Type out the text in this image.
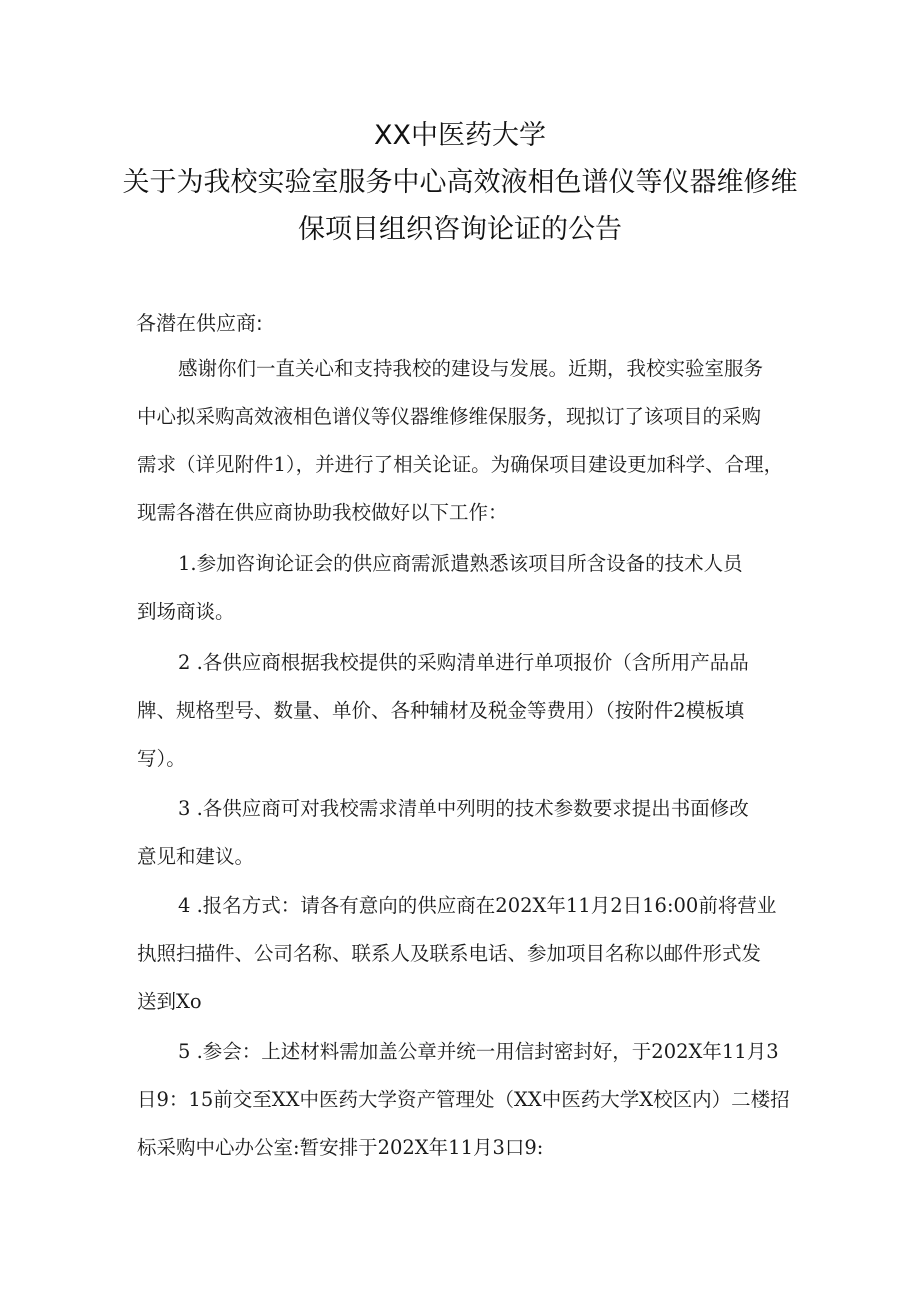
XX中医药大学
关于为我校实验室服务中心高效液相色谱仪等仪器维修维
保项目组织咨询论证的公告
各潜在供应商:
感谢你们一直关心和支持我校的建设与发展。近期，我校实验室服务
中心拟采购高效液相色谱仪等仪器维修维保服务，现拟订了该项目的采购
需求（详见附件1），并进行了相关论证。为确保项目建设更加科学、合理，
现需各潜在供应商协助我校做好以下工作：
1.参加咨询论证会的供应商需派遣熟悉该项目所含设备的技术人员
到场商谈。
2 .各供应商根据我校提供的采购清单进行单项报价（含所用产品品
牌、规格型号、数量、单价、各种辅材及税金等费用）（按附件2模板填
写）。
3 .各供应商可对我校需求清单中列明的技术参数要求提出书面修改
意见和建议。
4 .报名方式：请各有意向的供应商在202X年11月2日16:00前将营业
执照扫描件、公司名称、联系人及联系电话、参加项目名称以邮件形式发
送到Xo
5 .参会：上述材料需加盖公章并统一用信封密封好，于202X年11月3
日9：15前交至XX中医药大学资产管理处（XX中医药大学X校区内）二楼招
标采购中心办公室:暂安排于202X年11月3口9:
